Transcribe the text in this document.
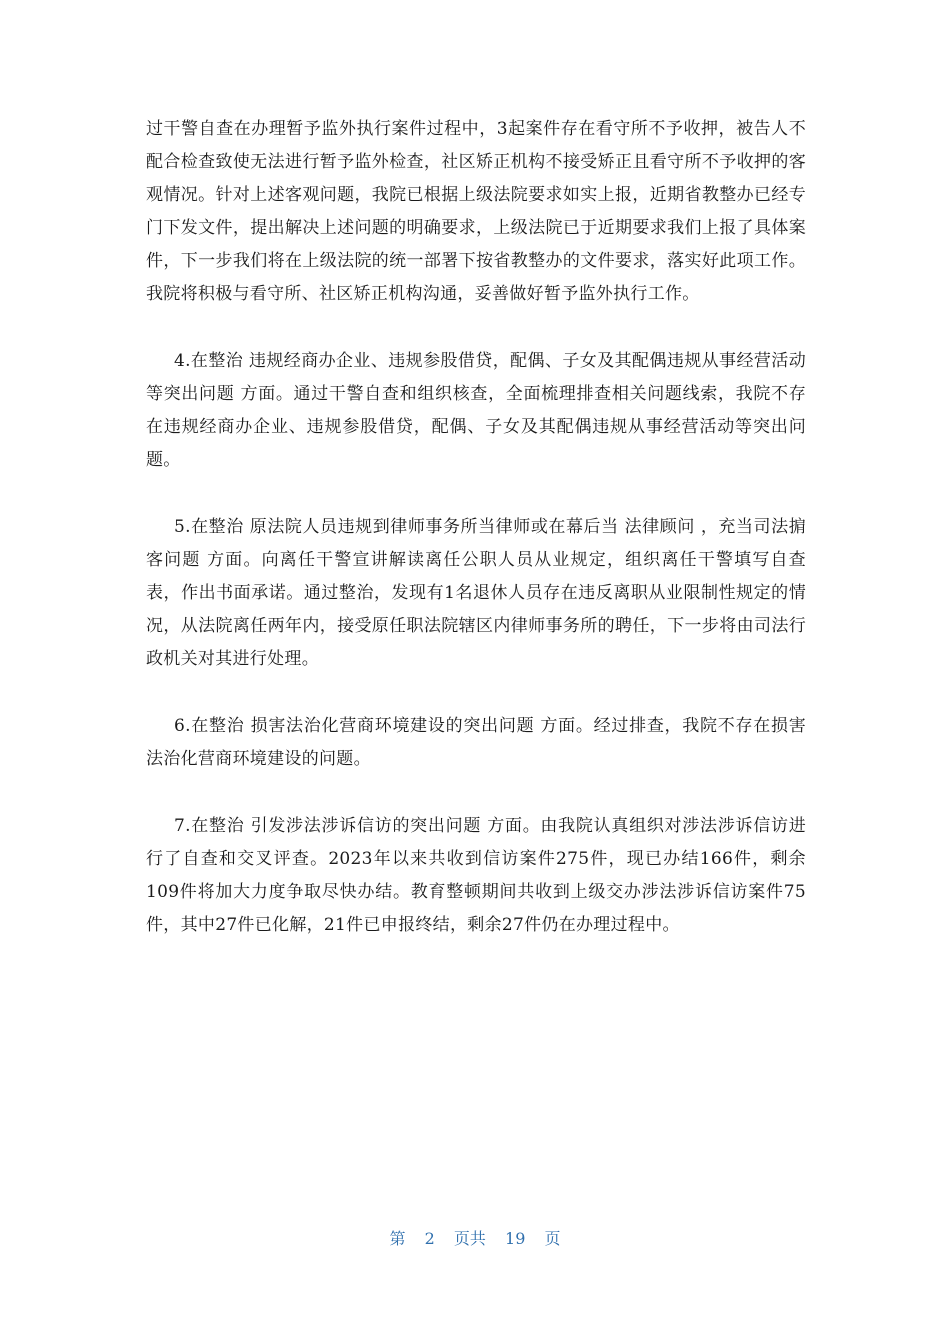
过干警自查在办理暂予监外执行案件过程中，3起案件存在看守所不予收押，被告人不配合检查致使无法进行暂予监外检查，社区矫正机构不接受矫正且看守所不予收押的客观情况。针对上述客观问题，我院已根据上级法院要求如实上报，近期省教整办已经专门下发文件，提出解决上述问题的明确要求，上级法院已于近期要求我们上报了具体案件，下一步我们将在上级法院的统一部署下按省教整办的文件要求，落实好此项工作。我院将积极与看守所、社区矫正机构沟通，妥善做好暂予监外执行工作。

4.在整治 违规经商办企业、违规参股借贷，配偶、子女及其配偶违规从事经营活动等突出问题 方面。通过干警自查和组织核查，全面梳理排查相关问题线索，我院不存在违规经商办企业、违规参股借贷，配偶、子女及其配偶违规从事经营活动等突出问题。

5.在整治 原法院人员违规到律师事务所当律师或在幕后当 法律顾问 ，充当司法掮客问题 方面。向离任干警宣讲解读离任公职人员从业规定，组织离任干警填写自查表，作出书面承诺。通过整治，发现有1名退休人员存在违反离职从业限制性规定的情况，从法院离任两年内，接受原任职法院辖区内律师事务所的聘任，下一步将由司法行政机关对其进行处理。

6.在整治 损害法治化营商环境建设的突出问题 方面。经过排查，我院不存在损害法治化营商环境建设的问题。

7.在整治 引发涉法涉诉信访的突出问题 方面。由我院认真组织对涉法涉诉信访进行了自查和交叉评查。2023年以来共收到信访案件275件，现已办结166件，剩余109件将加大力度争取尽快办结。教育整顿期间共收到上级交办涉法涉诉信访案件75件，其中27件已化解，21件已申报终结，剩余27件仍在办理过程中。

第 2 页共 19 页
